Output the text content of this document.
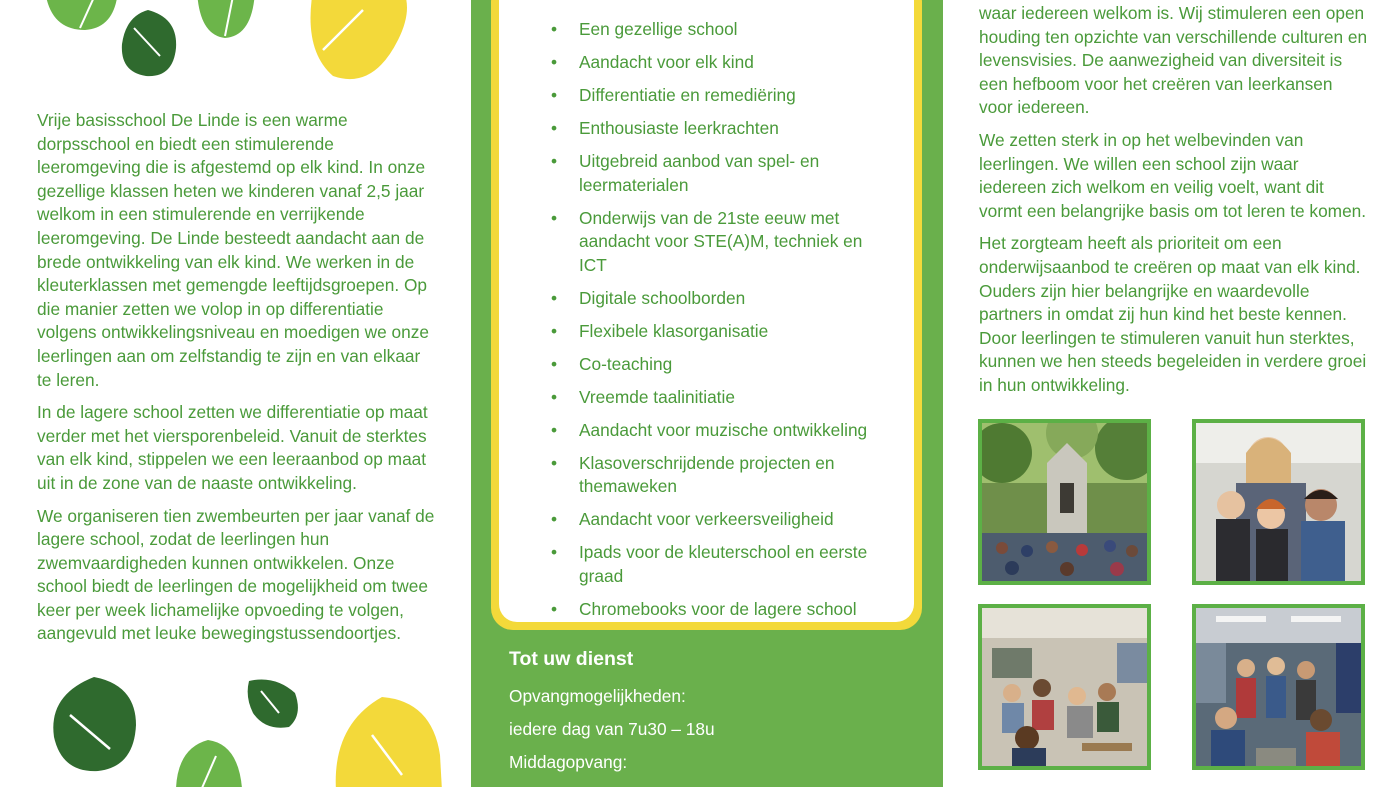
Vrije basisschool De Linde is een warme dorpsschool en biedt een stimulerende leeromgeving die is afgestemd op elk kind. In onze gezellige klassen heten we kinderen vanaf 2,5 jaar welkom in een stimulerende en verrijkende leeromgeving. De Linde besteedt aandacht aan de brede ontwikkeling van elk kind. We werken in de kleuterklassen met gemengde leeftijdsgroepen. Op die manier zetten we volop in op differentiatie volgens ontwikkelingsniveau en moedigen we onze leerlingen aan om zelfstandig te zijn en van elkaar te leren.

In de lagere school zetten we differentiatie op maat verder met het viersporenbeleid. Vanuit de sterktes van elk kind, stippelen we een leeraanbod op maat uit in de zone van de naaste ontwikkeling.

We organiseren tien zwembeurten per jaar vanaf de lagere school, zodat de leerlingen hun zwemvaardigheden kunnen ontwikkelen. Onze school biedt de leerlingen de mogelijkheid om twee keer per week lichamelijke opvoeding te volgen, aangevuld met leuke bewegingstussendoortjes.

• Een gezellige school
• Aandacht voor elk kind
• Differentiatie en remediëring
• Enthousiaste leerkrachten
• Uitgebreid aanbod van spel- en leermaterialen
• Onderwijs van de 21ste eeuw met aandacht voor STE(A)M, techniek en ICT
• Digitale schoolborden
• Flexibele klasorganisatie
• Co-teaching
• Vreemde taalinitiatie
• Aandacht voor muzische ontwikkeling
• Klasoverschrijdende projecten en themaweken
• Aandacht voor verkeersveiligheid
• Ipads voor de kleuterschool en eerste graad
• Chromebooks voor de lagere school
Tot uw dienst
Opvangmogelijkheden:
iedere dag van 7u30 – 18u
Middagopvang:

waar iedereen welkom is. Wij stimuleren een open houding ten opzichte van verschillende culturen en levensvisies. De aanwezigheid van diversiteit is een hefboom voor het creëren van leerkansen voor iedereen.

We zetten sterk in op het welbevinden van leerlingen. We willen een school zijn waar iedereen zich welkom en veilig voelt, want dit vormt een belangrijke basis om tot leren te komen.

Het zorgteam heeft als prioriteit om een onderwijsaanbod te creëren op maat van elk kind. Ouders zijn hier belangrijke en waardevolle partners in omdat zij hun kind het beste kennen. Door leerlingen te stimuleren vanuit hun sterktes, kunnen we hen steeds begeleiden in verdere groei in hun ontwikkeling.
